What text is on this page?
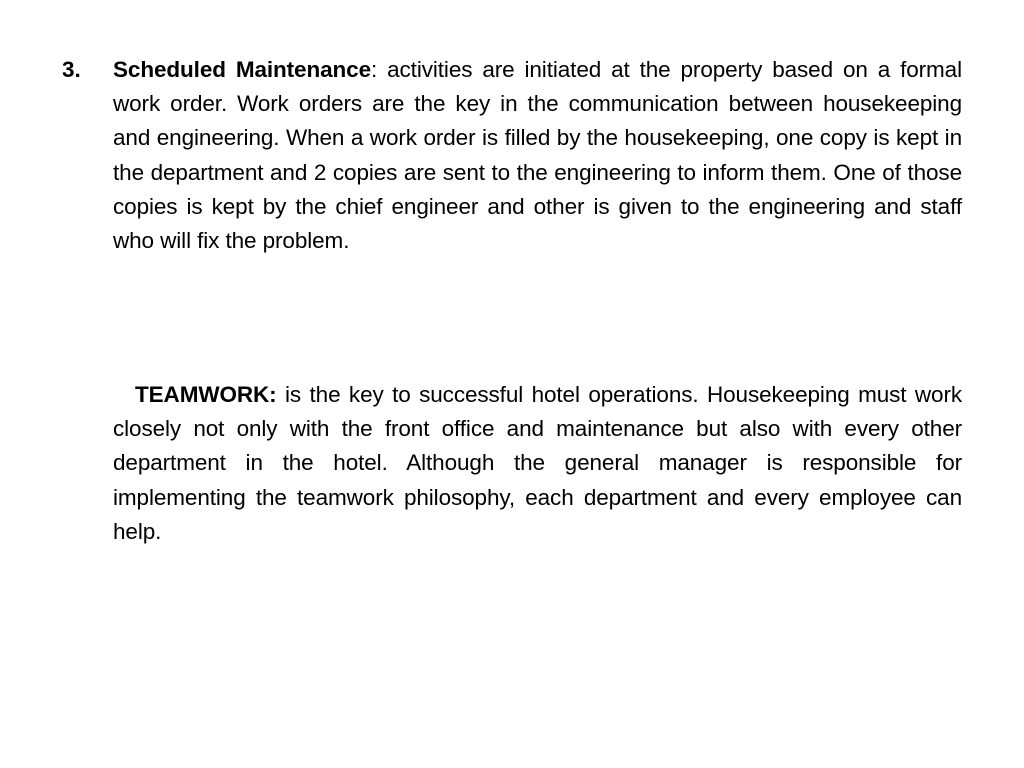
3. Scheduled Maintenance: activities are initiated at the property based on a formal work order. Work orders are the key in the communication between housekeeping and engineering. When a work order is filled by the housekeeping, one copy is kept in the department and 2 copies are sent to the engineering to inform them. One of those copies is kept by the chief engineer and other is given to the engineering and staff who will fix the problem.

TEAMWORK: is the key to successful hotel operations. Housekeeping must work closely not only with the front office and maintenance but also with every other department in the hotel. Although the general manager is responsible for implementing the teamwork philosophy, each department and every employee can help.
